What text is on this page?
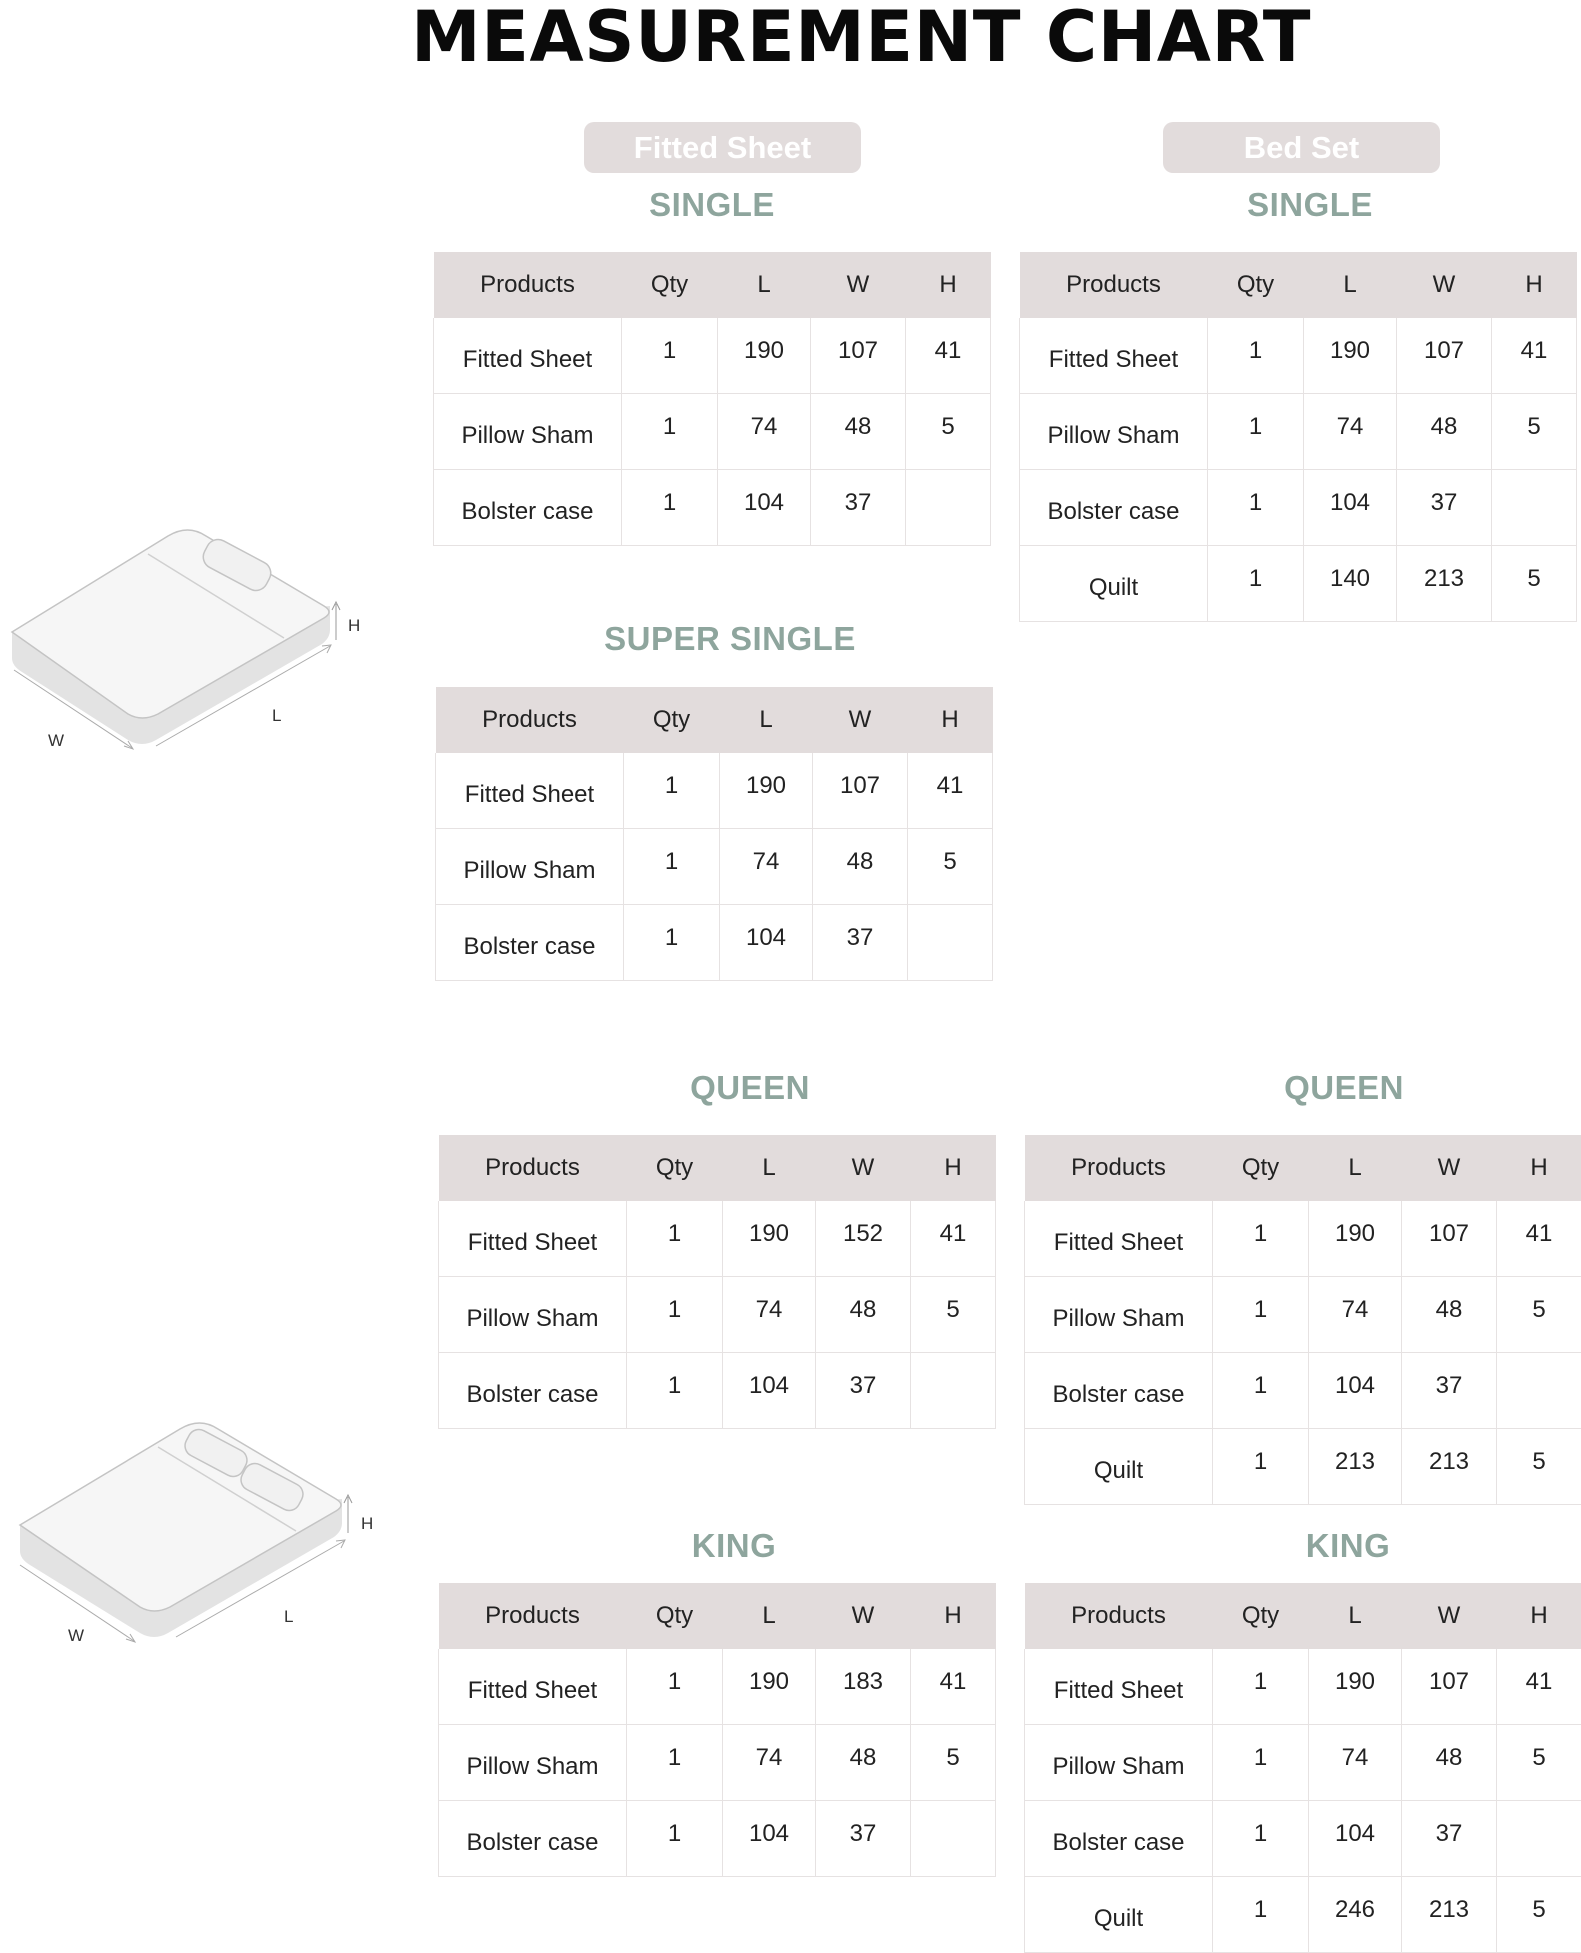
MEASUREMENT CHART
Fitted Sheet	Bed Set
H
L
W
H
L
W
SINGLE
Products	Qty	L	W	H
Fitted Sheet	1	190	107	41
Pillow Sham	1	74	48	5
Bolster case	1	104	37	
SINGLE
Products	Qty	L	W	H
Fitted Sheet	1	190	107	41
Pillow Sham	1	74	48	5
Bolster case	1	104	37	
Quilt	1	140	213	5
SUPER SINGLE
Products	Qty	L	W	H
Fitted Sheet	1	190	107	41
Pillow Sham	1	74	48	5
Bolster case	1	104	37	
QUEEN
Products	Qty	L	W	H
Fitted Sheet	1	190	152	41
Pillow Sham	1	74	48	5
Bolster case	1	104	37	
QUEEN
Products	Qty	L	W	H
Fitted Sheet	1	190	107	41
Pillow Sham	1	74	48	5
Bolster case	1	104	37	
Quilt	1	213	213	5
KING
Products	Qty	L	W	H
Fitted Sheet	1	190	183	41
Pillow Sham	1	74	48	5
Bolster case	1	104	37	
KING
Products	Qty	L	W	H
Fitted Sheet	1	190	107	41
Pillow Sham	1	74	48	5
Bolster case	1	104	37	
Quilt	1	246	213	5
